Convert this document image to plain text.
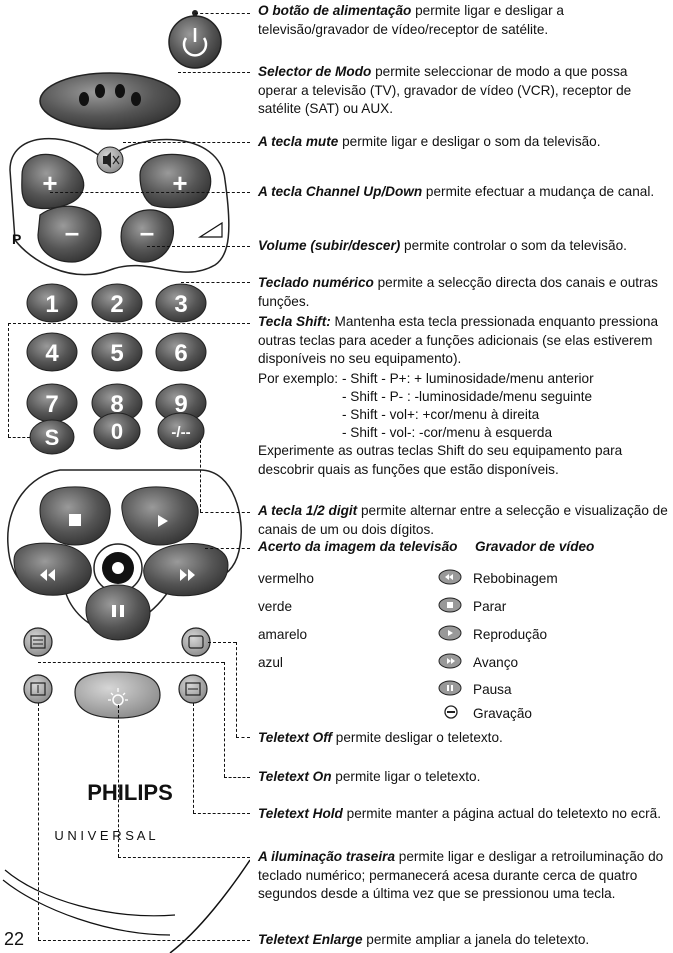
+
–
+
–
P
1 2 3
4 5 6
7 8 9
S 0	-/--
PHILIPS
U N I V E R S A L
O botão de alimentação permite ligar e desligar a televisão/gravador de vídeo/receptor de satélite.
Selector de Modo permite seleccionar de modo a que possa operar a televisão (TV), gravador de vídeo (VCR), receptor de satélite (SAT) ou AUX.
A tecla mute permite ligar e desligar o som da televisão.
A tecla Channel Up/Down permite efectuar a mudança de canal.
Volume (subir/descer) permite controlar o som da televisão.
Teclado numérico permite a selecção directa dos canais e outras funções.
Tecla Shift: Mantenha esta tecla pressionada enquanto pressiona outras teclas para aceder a funções adicionais (se elas estiverem disponíveis no seu equipamento).
Por exemplo: - Shift - P+: + luminosidade/menu anterior
- Shift - P- : -luminosidade/menu seguinte
- Shift - vol+: +cor/menu à direita
- Shift - vol-: -cor/menu à esquerda
Experimente as outras teclas Shift do seu equipamento para descobrir quais as funções que estão disponíveis.
A tecla 1/2 digit permite alternar entre a selecção e visualização de canais de um ou dois dígitos.
Acerto da imagem da televisão Gravador de vídeo
vermelho
verde
amarelo
azul
Rebobinagem
Parar
Reprodução
Avanço
Pausa
Gravação
Teletext Off permite desligar o teletexto.
Teletext On permite ligar o teletexto.
Teletext Hold permite manter a página actual do teletexto no ecrã.
A iluminação traseira permite ligar e desligar a retroiluminação do teclado numérico; permanecerá acesa durante cerca de quatro segundos desde a última vez que se pressionou uma tecla.
Teletext Enlarge permite ampliar a janela do teletexto.
22
